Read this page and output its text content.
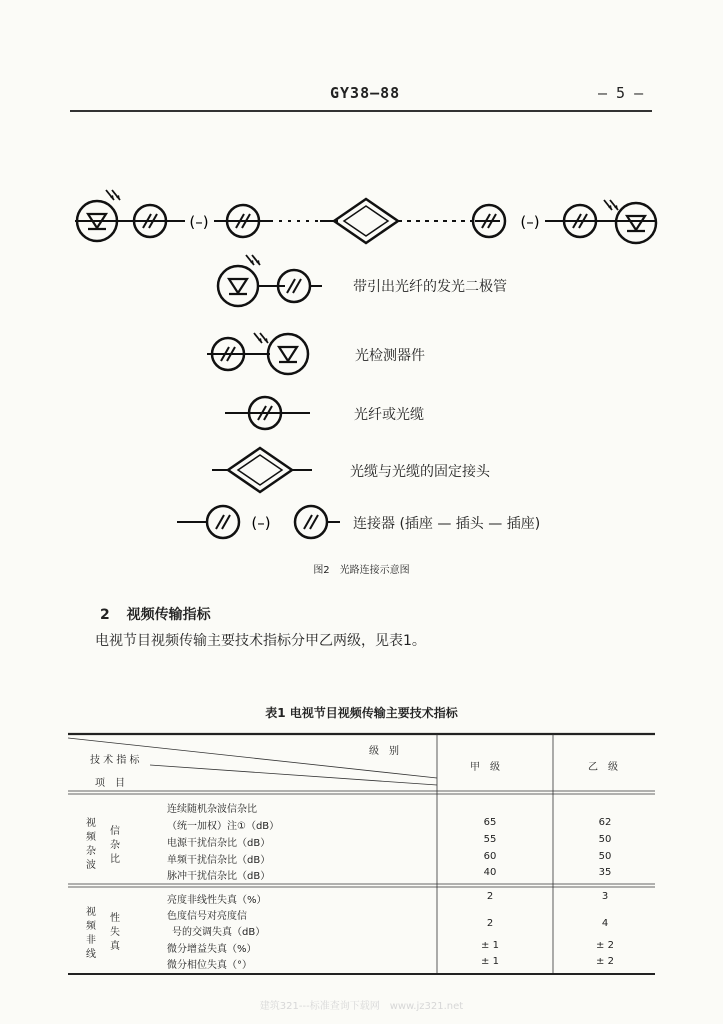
GY38—88	— 5 —
(–)	(–)
(–)
带引出光纤的发光二极管
光检测器件
光纤或光缆
光缆与光缆的固定接头
连接器 (插座 — 插头 — 插座)
图2　光路连接示意图
2 视频传输指标
电视节目视频传输主要技术指标分甲乙两级，见表1。
表1 电视节目视频传输主要技术指标
级　别
技 术 指 标
项　目
甲　级	乙　级
视频杂波
信杂比
连续随机杂波信杂比
（统一加权）注①（dB）	65	62
电源干扰信杂比（dB）	55	50
单频干扰信杂比（dB）	60	50
脉冲干扰信杂比（dB）	40	35
视频非线
性失真
亮度非线性失真（%）	2	3
色度信号对亮度信
号的交调失真（dB）
2	4
微分增益失真（%）	± 1	± 2
微分相位失真（°）	± 1	± 2
建筑321---标准查询下载网　www.jz321.net
